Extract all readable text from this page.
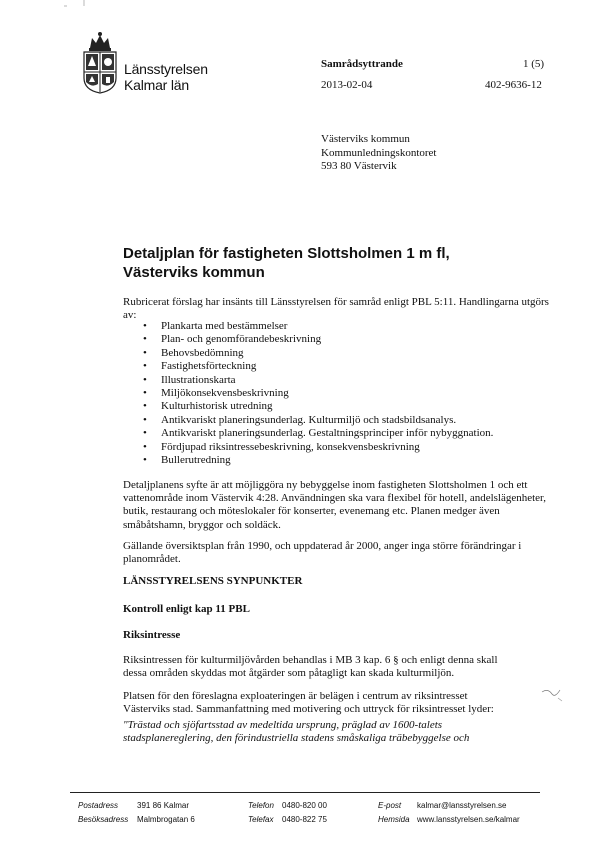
Länsstyrelsen
Kalmar län
Samrådsyttrande	1 (5)
2013-02-04	402-9636-12
Västerviks kommun
Kommunledningskontoret
593 80 Västervik
Detaljplan för fastigheten Slottsholmen 1 m fl, Västerviks kommun
Rubricerat förslag har insänts till Länsstyrelsen för samråd enligt PBL 5:11. Handlingarna utgörs av:
• Plankarta med bestämmelser
• Plan- och genomförandebeskrivning
• Behovsbedömning
• Fastighetsförteckning
• Illustrationskarta
• Miljökonsekvensbeskrivning
• Kulturhistorisk utredning
• Antikvariskt planeringsunderlag. Kulturmiljö och stadsbildsanalys.
• Antikvariskt planeringsunderlag. Gestaltningsprinciper inför nybyggnation.
• Fördjupad riksintressebeskrivning, konsekvensbeskrivning
• Bullerutredning
Detaljplanens syfte är att möjliggöra ny bebyggelse inom fastigheten Slottsholmen 1 och ett
vattenområde inom Västervik 4:28. Användningen ska vara flexibel för hotell, andelslägenheter,
butik, restaurang och möteslokaler för konserter, evenemang etc. Planen medger även
småbåtshamn, bryggor och soldäck.
Gällande översiktsplan från 1990, och uppdaterad år 2000, anger inga större förändringar i
planområdet.
LÄNSSTYRELSENS SYNPUNKTER
Kontroll enligt kap 11 PBL
Riksintresse
Riksintressen för kulturmiljövården behandlas i MB 3 kap. 6 § och enligt denna skall
dessa områden skyddas mot åtgärder som påtagligt kan skada kulturmiljön.
Platsen för den föreslagna exploateringen är belägen i centrum av riksintresset
Västerviks stad. Sammanfattning med motivering och uttryck för riksintresset lyder:
"Trästad och sjöfartsstad av medeltida ursprung, präglad av 1600-talets
stadsplanereglering, den förindustriella stadens småskaliga träbebyggelse och
Postadress 391 86 Kalmar
Besöksadress Malmbrogatan 6
Telefon 0480-820 00
Telefax 0480-822 75
E-post kalmar@lansstyrelsen.se
Hemsida www.lansstyrelsen.se/kalmar
